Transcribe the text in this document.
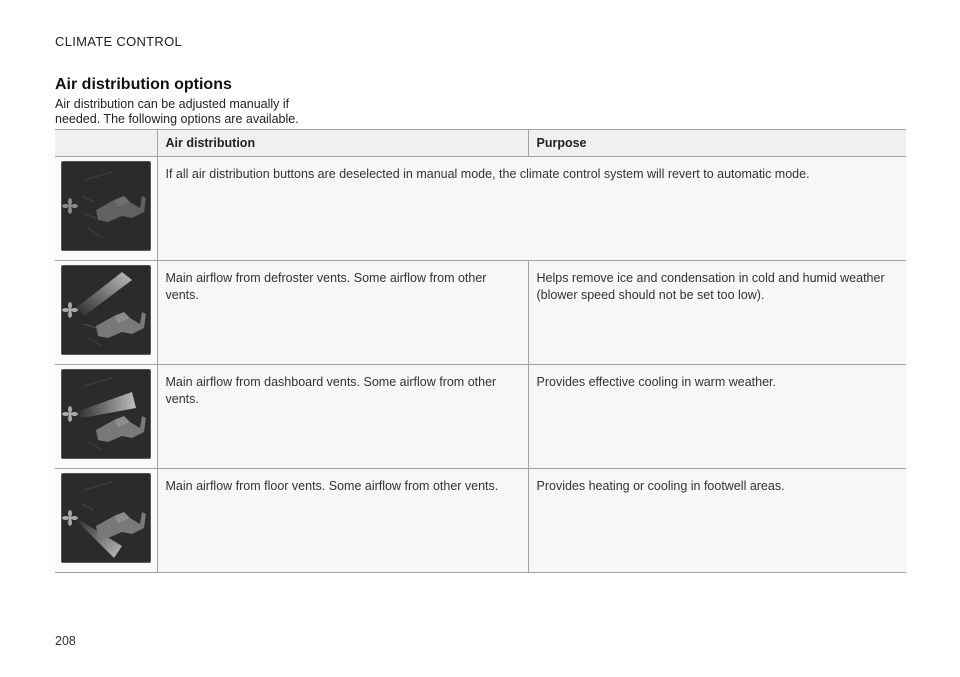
CLIMATE CONTROL
Air distribution options
Air distribution can be adjusted manually if needed. The following options are available.
	Air distribution	Purpose

	If all air distribution buttons are deselected in manual mode, the climate control system will revert to automatic mode.	

	Main airflow from defroster vents. Some airflow from other vents.	Helps remove ice and condensation in cold and humid weather (blower speed should not be set too low).

	Main airflow from dashboard vents. Some airflow from other vents.	Provides effective cooling in warm weather.

	Main airflow from floor vents. Some airflow from other vents.	Provides heating or cooling in footwell areas.
208
